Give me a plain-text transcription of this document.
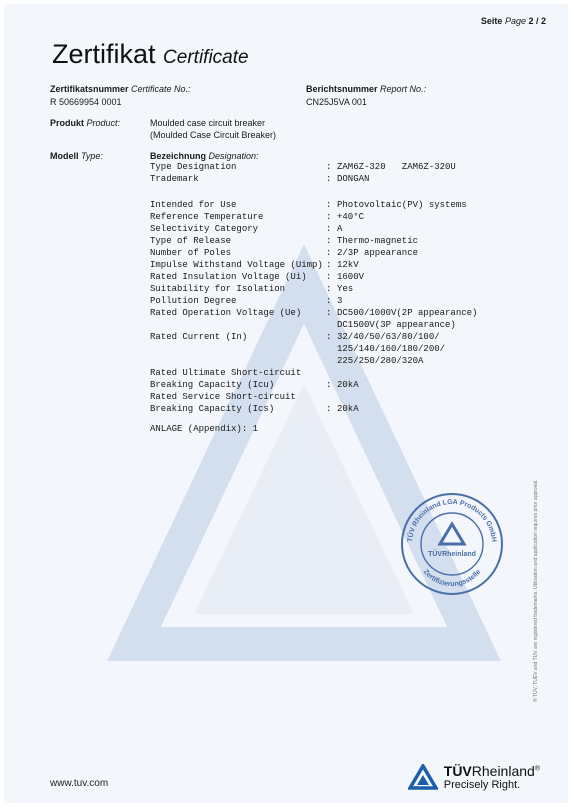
Seite Page 2 / 2
Zertifikat Certificate
Zertifikatsnummer Certificate No.:
R 50669954 0001
Berichtsnummer Report No.:
CN25J5VA 001
Produkt Product:	Moulded case circuit breaker
(Moulded Case Circuit Breaker)
Modell Type:	Bezeichnung Designation:
Type Designation	: ZAM6Z-320   ZAM6Z-320U
Trademark	: DONGAN
Intended for Use	: Photovoltaic(PV) systems
Reference Temperature	: +40°C
Selectivity Category	: A
Type of Release	: Thermo-magnetic
Number of Poles	: 2/3P appearance
Impulse Withstand Voltage (Uimp) : 12kV
Rated Insulation Voltage (Ui) : 1600V
Suitability for Isolation	: Yes
Pollution Degree	: 3
Rated Operation Voltage (Ue)	: DC500/1000V(2P appearance)
DC1500V(3P appearance)
Rated Current (In)	: 32/40/50/63/80/100/
125/140/160/180/200/
225/250/280/320A
Rated Ultimate Short-circuit
Breaking Capacity (Icu)	: 20kA
Rated Service Short-circuit
Breaking Capacity (Ics)	: 20kA
ANLAGE (Appendix): 1
TÜV Rheinland LGA Products GmbH
Zertifizierungsstelle
TÜVRheinland	® TÜV, TUEV and TUV are registered trademarks. Utilisation and application requires prior approval.
www.tuv.com
TÜVRheinland®
Precisely Right.
